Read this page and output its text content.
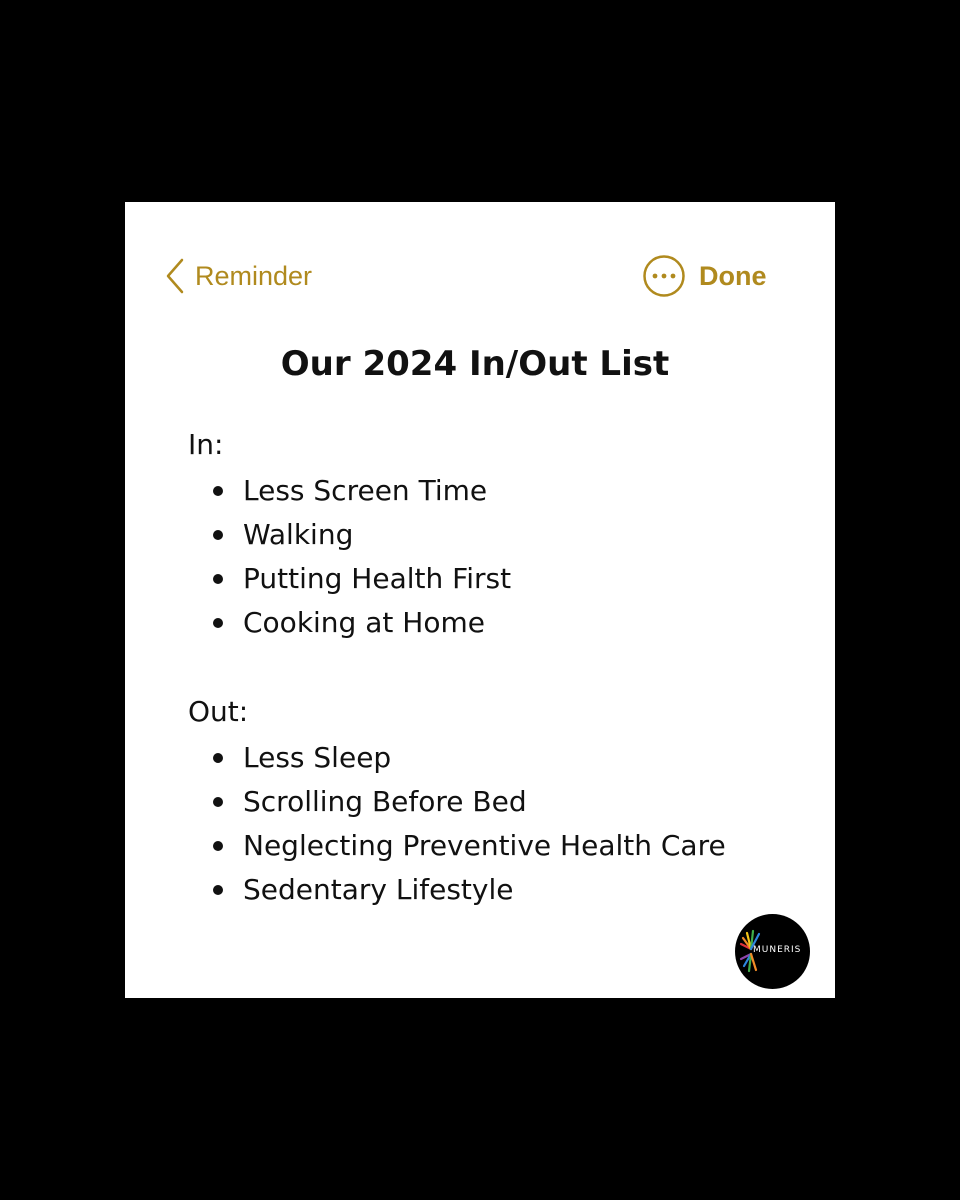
Reminder	Done
Our 2024 In/Out List
In:
Less Screen Time
Walking
Putting Health First
Cooking at Home
Out:
Less Sleep
Scrolling Before Bed
Neglecting Preventive Health Care
Sedentary Lifestyle
MUNERIS
